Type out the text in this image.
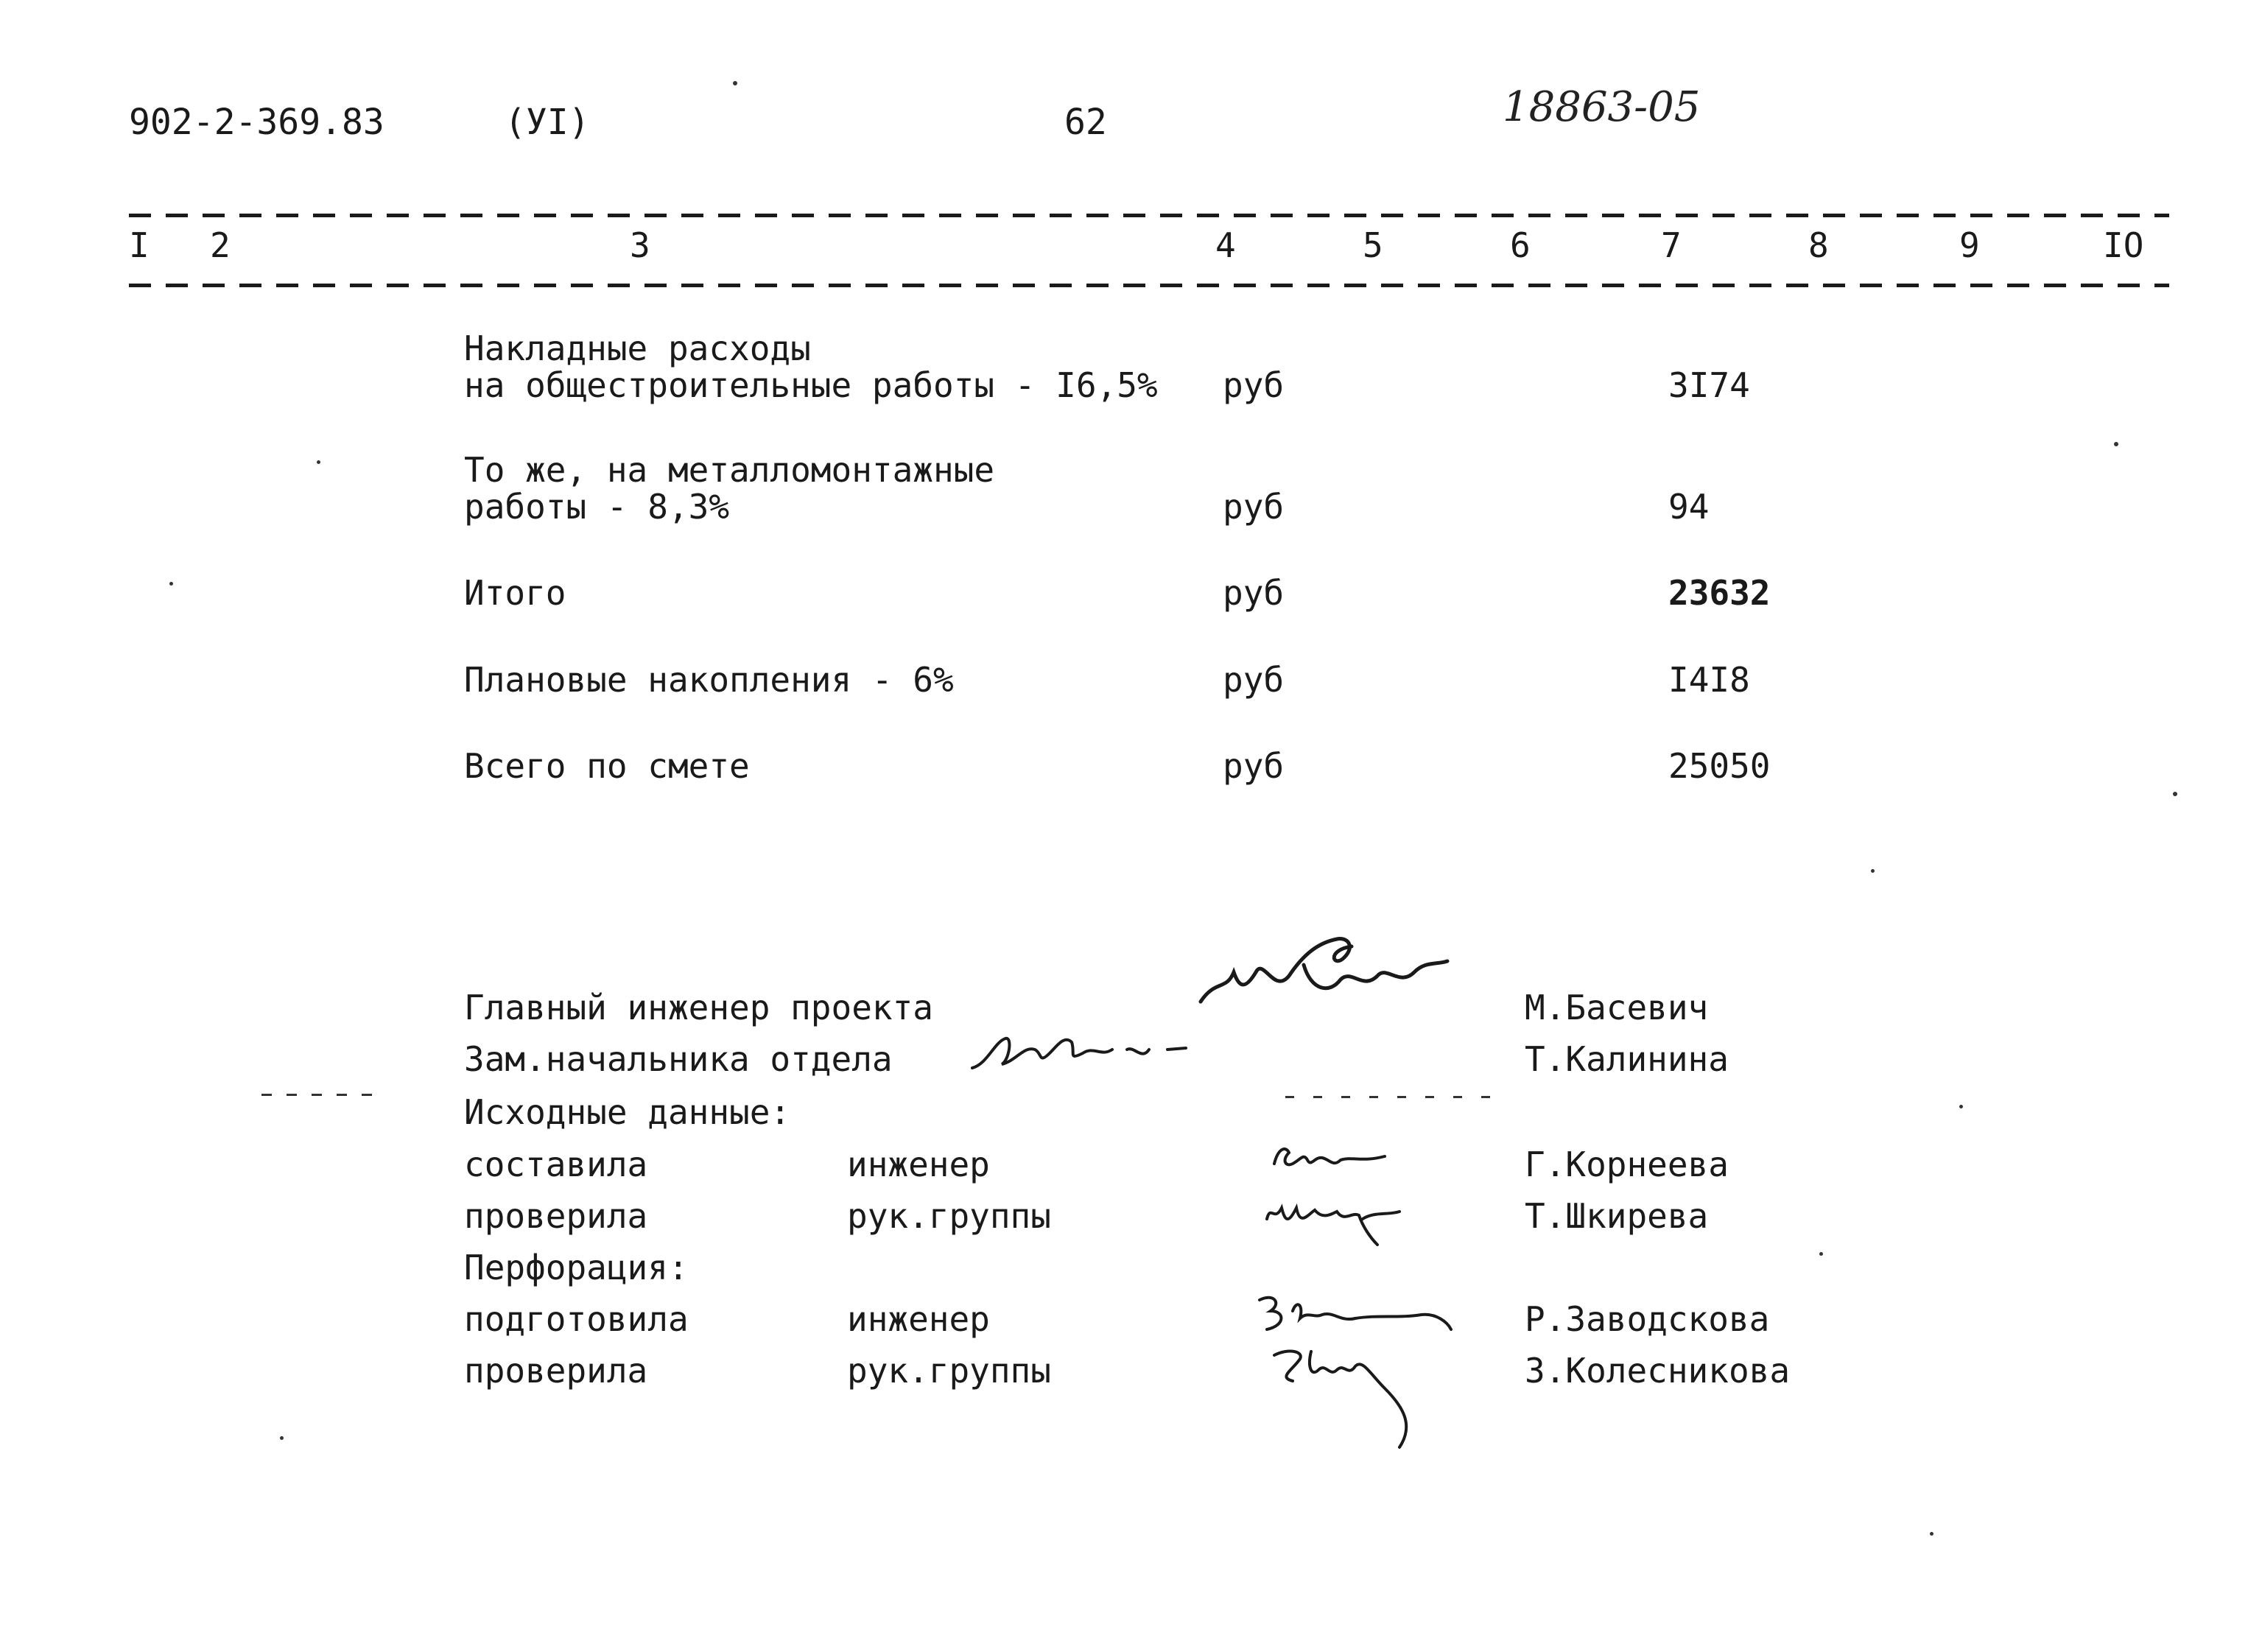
902-2-369.83	(УI)	62	18863-05
I 2	3	4	5	6	7	8	9	IO
Накладные расходы
на общестроительные работы - I6,5% руб	3I74
То же, на металломонтажные
работы - 8,3%	руб	94
Итого	руб	23632
Плановые накопления - 6%	руб	I4I8
Всего по смете	руб	25050
Главный инженер проекта	М.Басевич
Зам.начальника отдела	Т.Калинина
Исходные данные:
составила	инженер	Г.Корнеева
проверила	рук.группы	Т.Шкирева
Перфорация:
подготовила	инженер	Р.Заводскова
проверила	рук.группы	З.Колесникова
